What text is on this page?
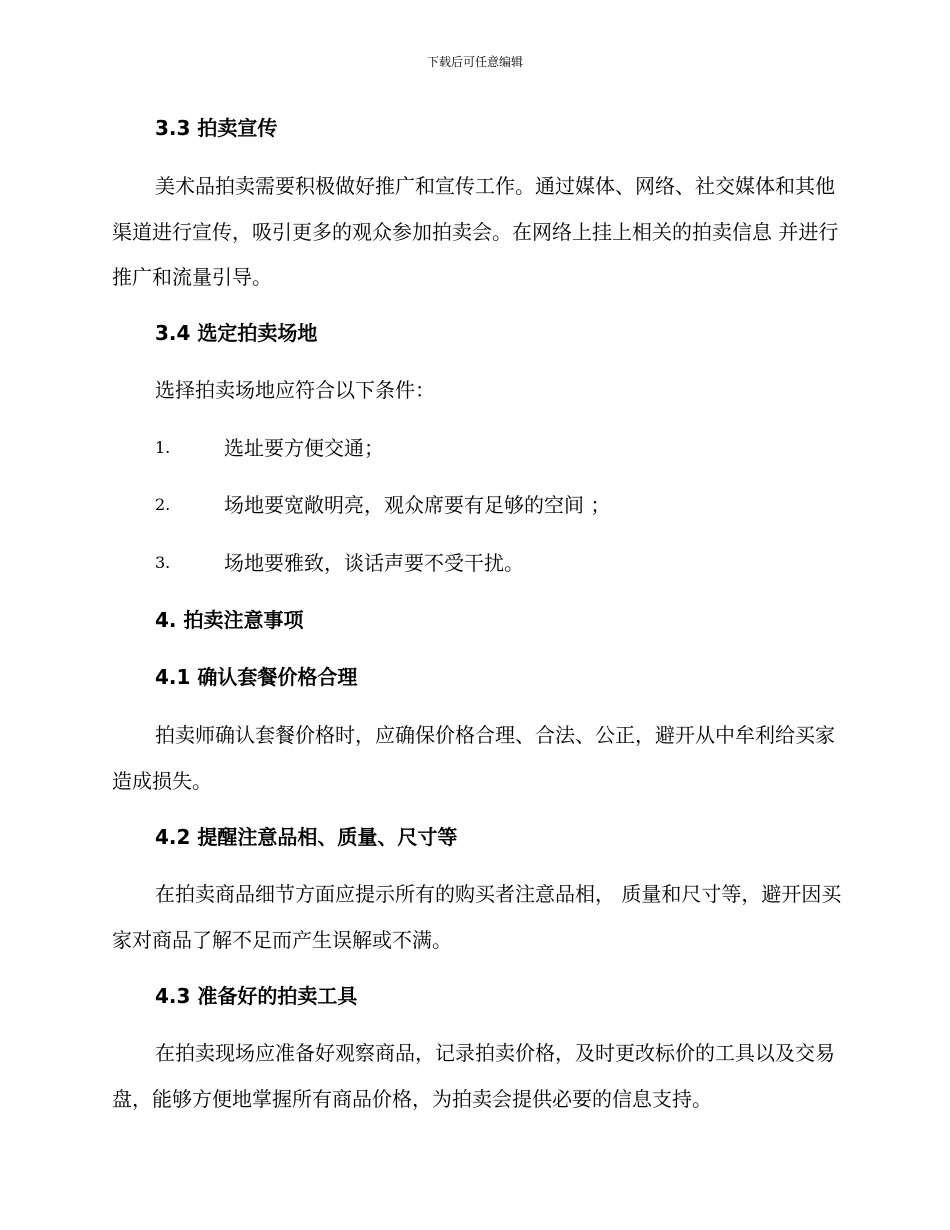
下载后可任意编辑
3.3 拍卖宣传
美术品拍卖需要积极做好推广和宣传工作。通过媒体、网络、社交媒体和其他渠道进行宣传，吸引更多的观众参加拍卖会。在网络上挂上相关的拍卖信息 并进行推广和流量引导。
3.4 选定拍卖场地
选择拍卖场地应符合以下条件：
1.	选址要方便交通；
2.	场地要宽敞明亮，观众席要有足够的空间 ；
3.	场地要雅致，谈话声要不受干扰。
4. 拍卖注意事项
4.1 确认套餐价格合理
拍卖师确认套餐价格时，应确保价格合理、合法、公正，避开从中牟利给买家造成损失。
4.2 提醒注意品相、质量、尺寸等
在拍卖商品细节方面应提示所有的购买者注意品相， 质量和尺寸等，避开因买家对商品了解不足而产生误解或不满。
4.3 准备好的拍卖工具
在拍卖现场应准备好观察商品，记录拍卖价格，及时更改标价的工具以及交易盘，能够方便地掌握所有商品价格，为拍卖会提供必要的信息支持。
